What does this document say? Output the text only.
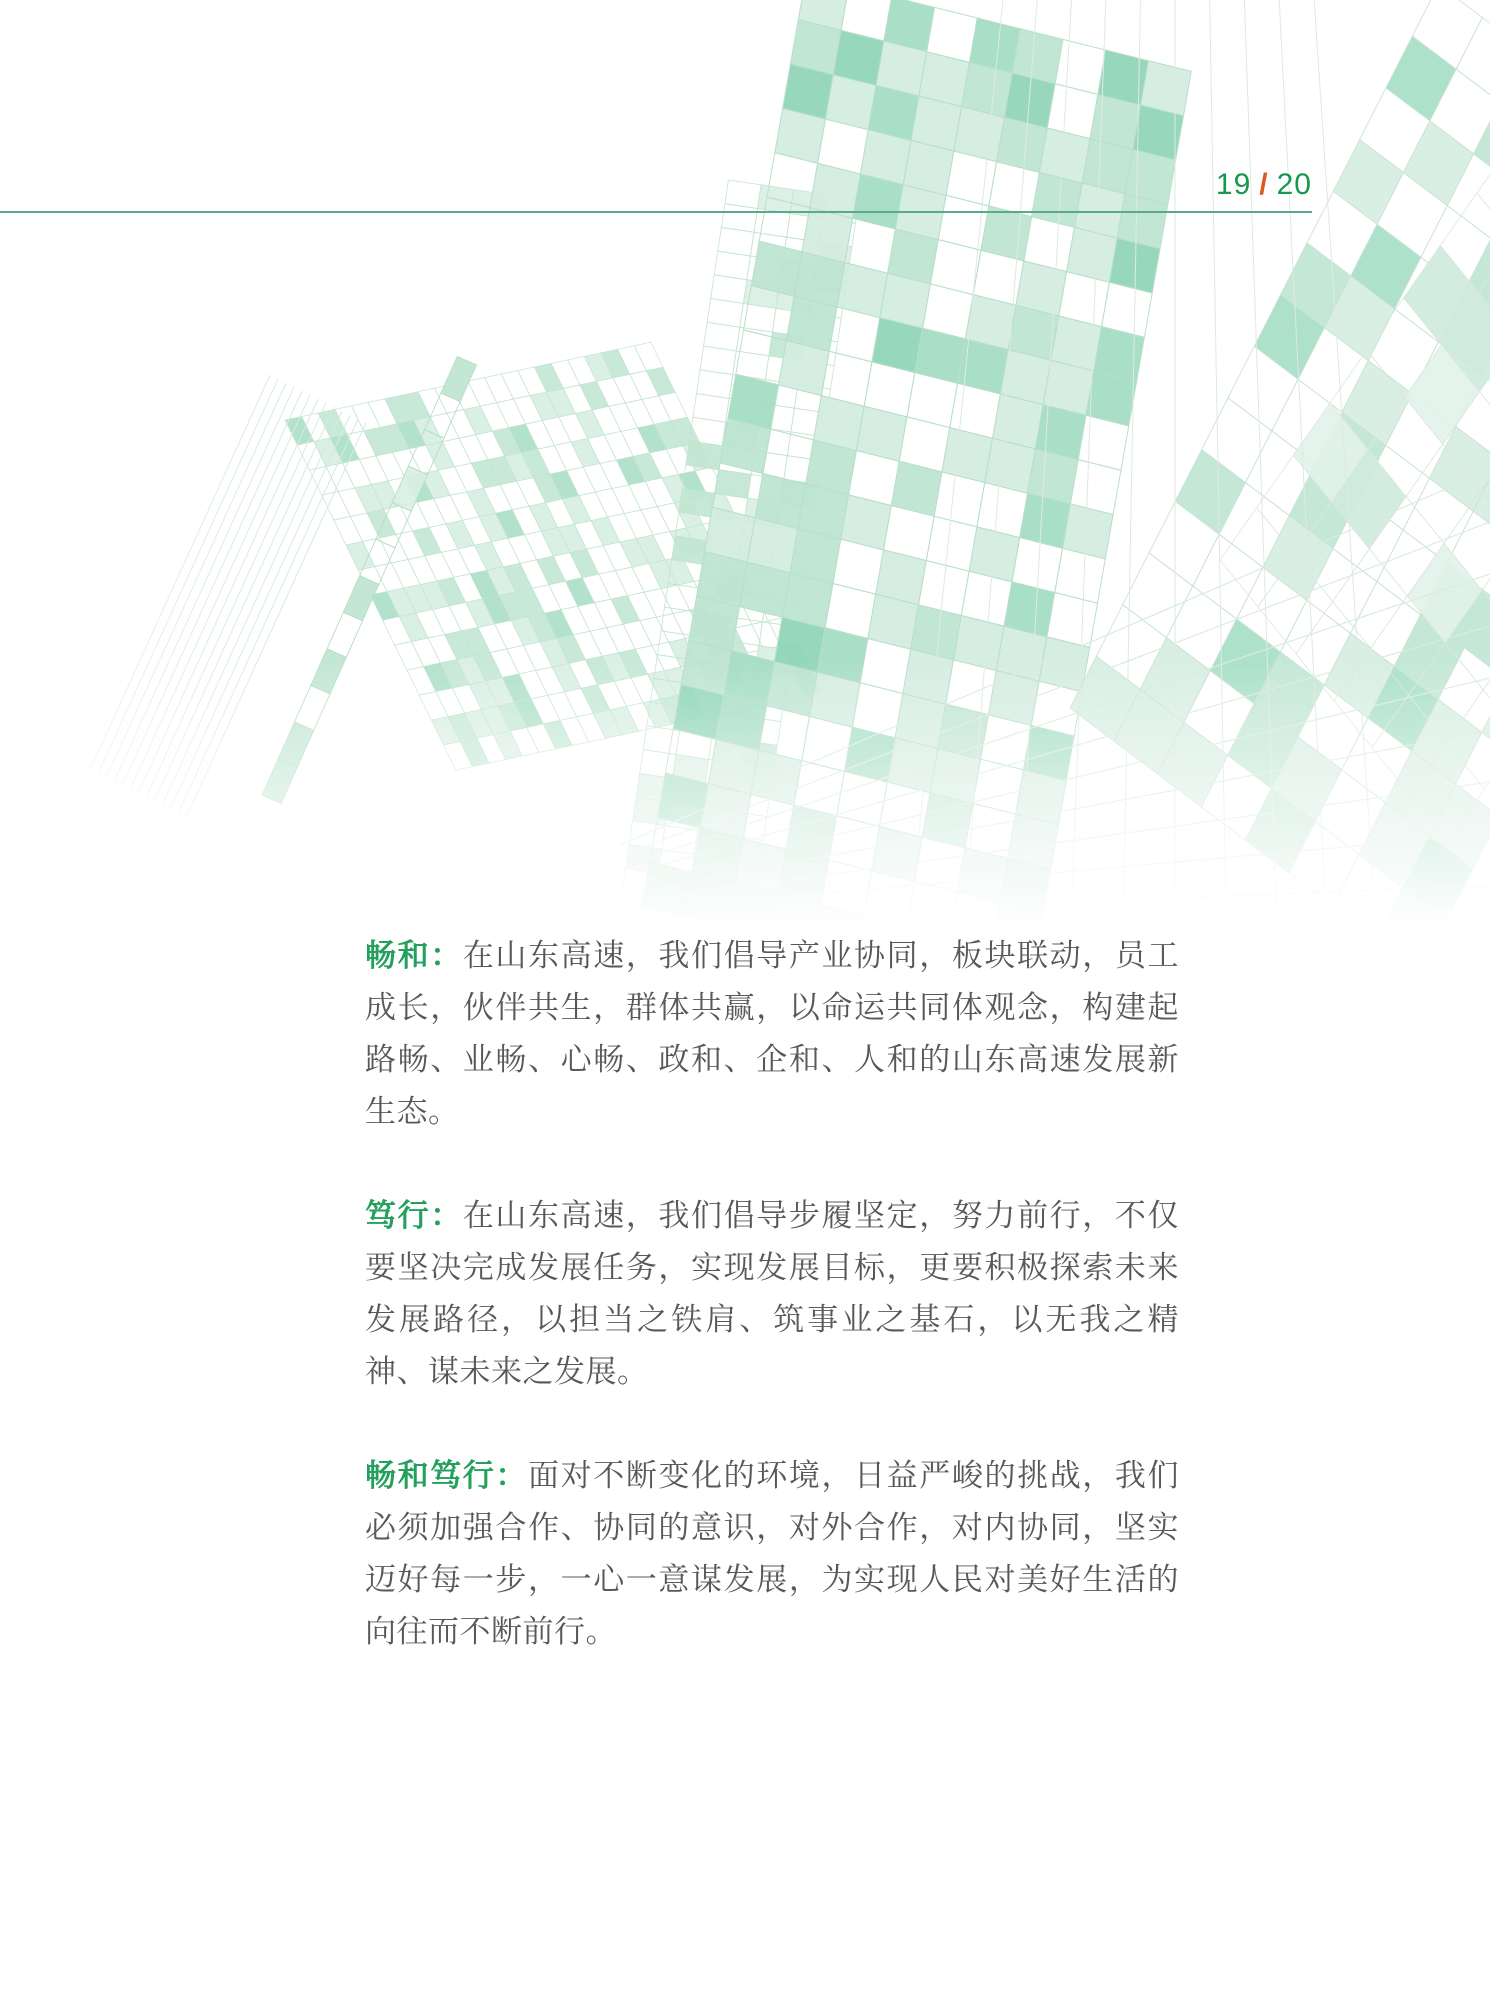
19 / 20

畅和：在山东高速，我们倡导产业协同，板块联动，员工成长，伙伴共生，群体共赢，以命运共同体观念，构建起路畅、业畅、心畅、政和、企和、人和的山东高速发展新生态。

笃行：在山东高速，我们倡导步履坚定，努力前行，不仅要坚决完成发展任务，实现发展目标，更要积极探索未来发展路径，以担当之铁肩、筑事业之基石，以无我之精神、谋未来之发展。

畅和笃行：面对不断变化的环境，日益严峻的挑战，我们必须加强合作、协同的意识，对外合作，对内协同，坚实迈好每一步，一心一意谋发展，为实现人民对美好生活的向往而不断前行。
